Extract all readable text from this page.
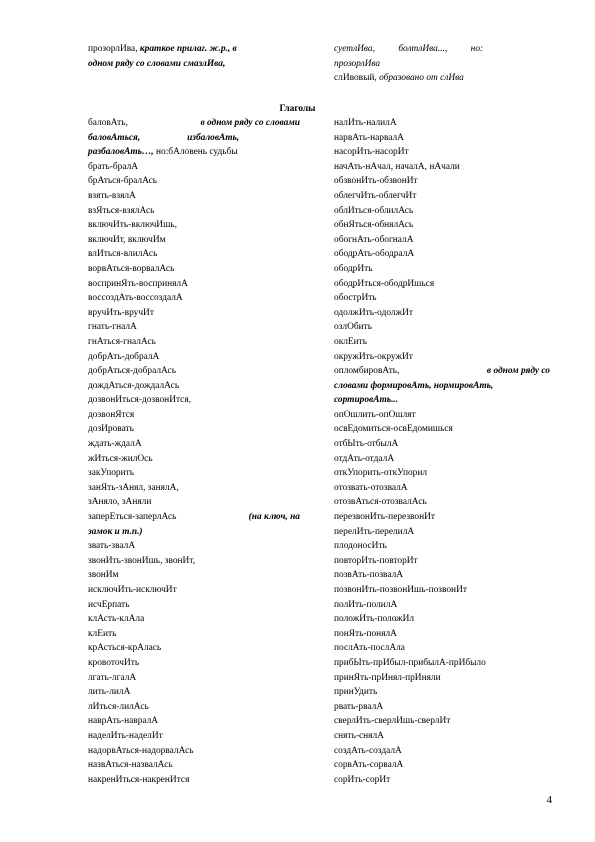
прозорлИва, краткое прилаг. ж.р., в
одном ряду со словами смазлИва,
суетлИва,          болтлИва...,          но:
прозорлИва
слИвовый, образовано от слИва
Глаголы
баловАть,	в одном ряду со словами
баловАться,                    избаловАть,
разбаловАть…, но:бАловень судьбы
брать-бралА
брАться-бралАсь
взять-взялА
взЯться-взялАсь
включИть-включИшь,
включИт, включИм
влИться-влилАсь
ворвАться-ворвалАсь
воспринЯть-воспринялА
воссоздАть-воссоздалА
вручИть-вручИт
гнать-гналА
гнАться-гналАсь
добрАть-добралА
добрАться-добралАсь
дождАться-дождалАсь
дозвонИться-дозвонИтся,
дозвонЯтся
дозИровать
ждать-ждалА
жИться-жилОсь
закУпорить
занЯть-зАнял, занялА,
зАняло, зАняли
заперЕться-заперлАсь	(на ключ, на
замок и т.п.)
звать-звалА
звонИть-звонИшь, звонИт,
звонИм
исключИть-исключИт
исчЕрпать
клАсть-клАла
клЕить
крАсться-крАлась
кровоточИть
лгать-лгалА
лить-лилА
лИться-лилАсь
наврАть-навралА
наделИть-наделИт
надорвАться-надорвалАсь
назвАться-назвалАсь
накренИться-накренИтся
налИть-налилА
нарвАть-нарвалА
насорИть-насорИт
начАть-нАчал, началА, нАчали
обзвонИть-обзвонИт
облегчИть-облегчИт
облИться-облилАсь
обнЯться-обнялАсь
обогнАть-обогналА
ободрАть-ободралА
ободрИть
ободрИться-ободрИшься
обострИть
одолжИть-одолжИт
озлОбить
оклЕить
окружИть-окружИт
опломбировАть,	в одном ряду со
словами формировАть, нормировАть,
сортировАть...
опОшлить-опОшлят
освЕдомиться-освЕдомишься
отбЫть-отбылА
отдАть-отдалА
откУпорить-откУпорил
отозвать-отозвалА
отозвАться-отозвалАсь
перезвонИть-перезвонИт
перелИть-перелилА
плодоносИть
повторИть-повторИт
позвАть-позвалА
позвонИть-позвонИшь-позвонИт
полИть-полилА
положИть-положИл
понЯть-понялА
послАть-послАла
прибЫть-прИбыл-прибылА-прИбыло
принЯть-прИнял-прИняли
принУдить
рвать-рвалА
сверлИть-сверлИшь-сверлИт
снять-снялА
создАть-создалА
сорвАть-сорвалА
сорИть-сорИт
4
